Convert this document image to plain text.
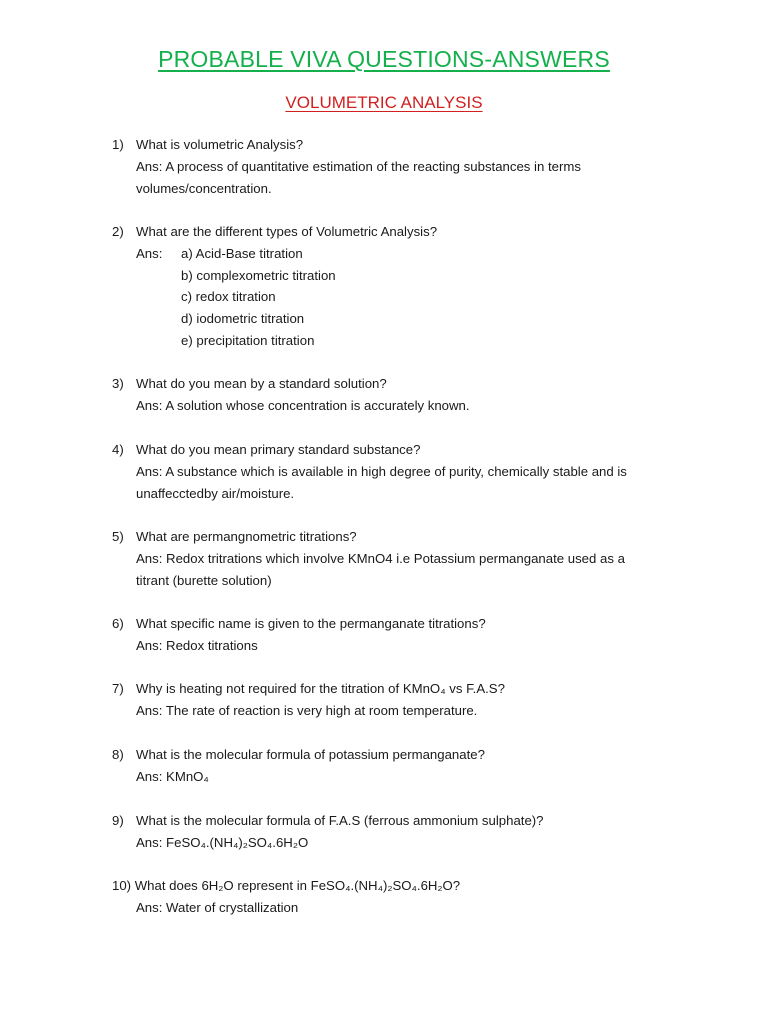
PROBABLE VIVA QUESTIONS-ANSWERS
VOLUMETRIC ANALYSIS
1) What is volumetric Analysis?
Ans: A process of quantitative estimation of the reacting substances in terms
volumes/concentration.
2) What are the different types of Volumetric Analysis?
Ans:	a) Acid-Base titration
b) complexometric titration
c) redox titration
d) iodometric titration
e) precipitation titration
3) What do you mean by a standard solution?
Ans: A solution whose concentration is accurately known.
4) What do you mean primary standard substance?
Ans: A substance which is available in high degree of purity, chemically stable and is
unaffecctedby air/moisture.
5) What are permangnometric titrations?
Ans: Redox tritrations which involve KMnO4 i.e Potassium permanganate used as a
titrant (burette solution)
6) What specific name is given to the permanganate titrations?
Ans: Redox titrations
7) Why is heating not required for the titration of KMnO₄ vs F.A.S?
Ans: The rate of reaction is very high at room temperature.
8) What is the molecular formula of potassium permanganate?
Ans: KMnO₄
9) What is the molecular formula of F.A.S (ferrous ammonium sulphate)?
Ans: FeSO₄.(NH₄)₂SO₄.6H₂O
10) What does 6H₂O represent in FeSO₄.(NH₄)₂SO₄.6H₂O?
Ans: Water of crystallization
